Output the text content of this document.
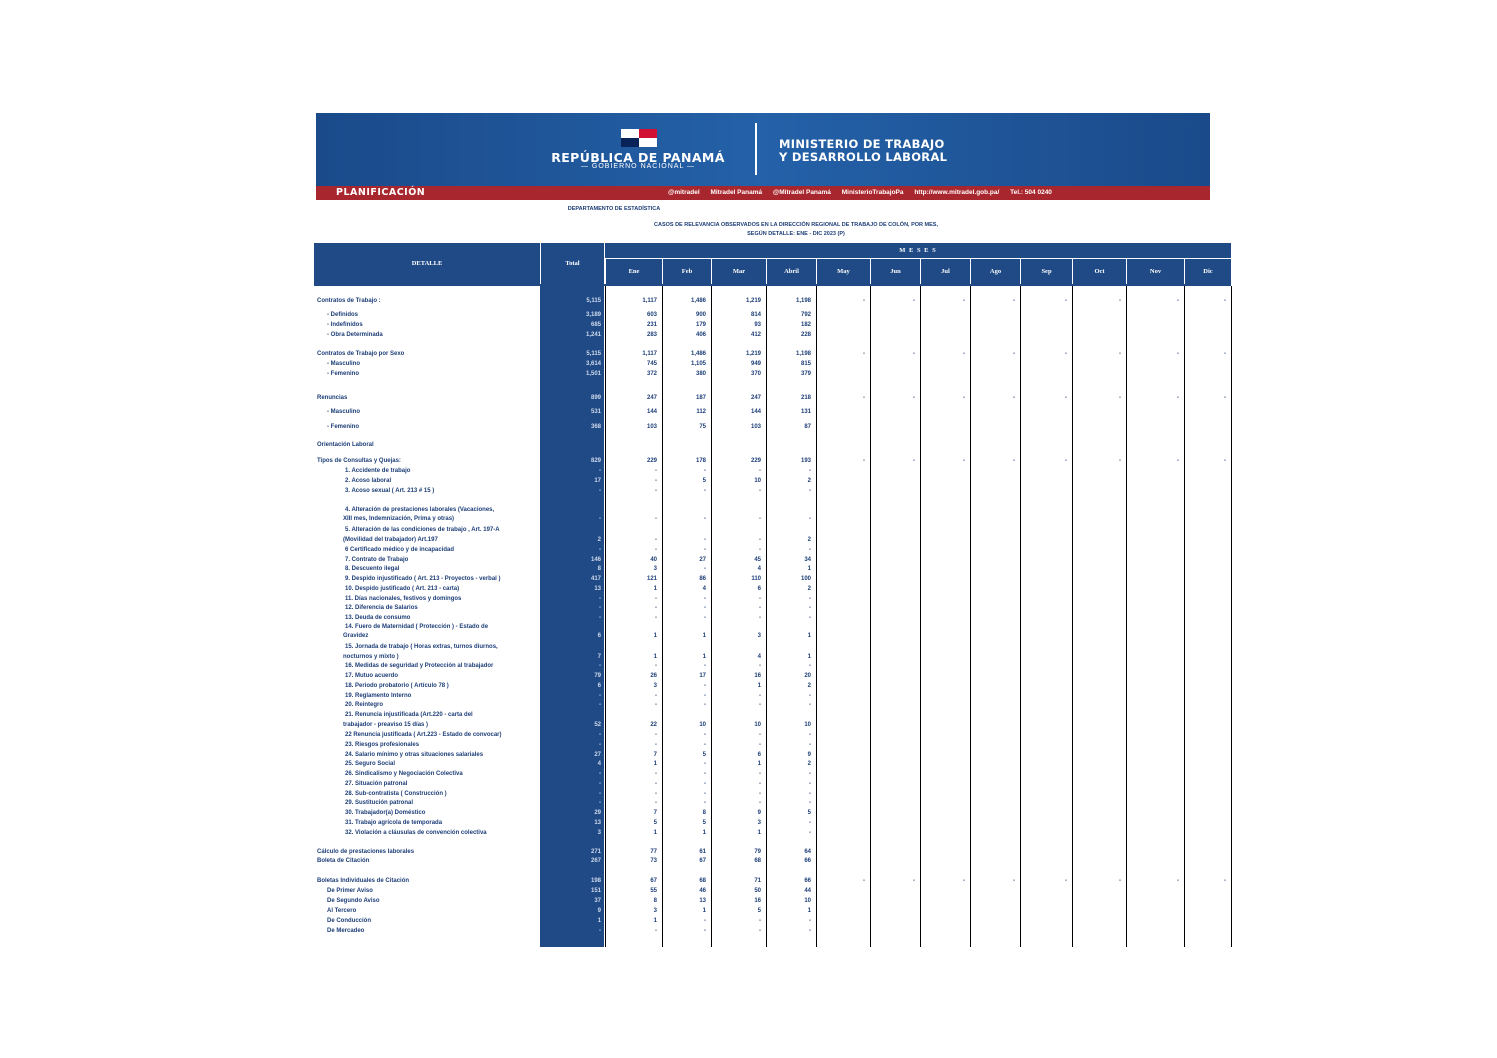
REPÚBLICA DE PANAMÁ
— GOBIERNO NACIONAL —
MINISTERIO DE TRABAJO
Y DESARROLLO LABORAL
PLANIFICACIÓN	@mitradel Mitradel Panamá @Mitradel Panamá MinisterioTrabajoPa http://www.mitradel.gob.pa/ Tel.: 504 0240
DEPARTAMENTO DE ESTADÍSTICA
CASOS DE RELEVANCIA OBSERVADOS EN LA DIRECCIÓN REGIONAL DE TRABAJO DE COLÓN, POR MES,
SEGÚN DETALLE: ENE - DIC 2023 (P)
DETALLE	Total
M E S E S
Ene	Feb	Mar	Abril	May	Jun	Jul	Ago	Sep	Oct	Nov	Dic
Contratos de Trabajo :	5,115	1,117	1,486	1,219	1,198	-	-	-	-	-	-	-	-
- Definidos	3,189	603	900	814	792
- Indefinidos	685	231	179	93	182
- Obra Determinada	1,241	283	406	412	228
Contratos de Trabajo por Sexo	5,115	1,117	1,486	1,219	1,198	-	-	-	-	-	-	-	-
- Masculino	3,614	745	1,105	949	815
- Femenino	1,501	372	380	370	379
Renuncias	899	247	187	247	218	-	-	-	-	-	-	-	-
- Masculino	531	144	112	144	131
- Femenino	368	103	75	103	87
Orientación Laboral
Tipos de Consultas y Quejas:	829	229	178	229	193	-	-	-	-	-	-	-	-
1. Accidente de trabajo	-	-	-	-	-
2. Acoso laboral	17	-	5	10	2
3. Acoso sexual ( Art. 213 # 15 )	-	-	-	-	-
4. Alteración de prestaciones laborales (Vacaciones,
XIII mes, Indemnización, Prima y otras)	-	-	-	-	-
5. Alteración de las condiciones de trabajo , Art. 197-A
(Movilidad del trabajador) Art.197	2	-	-	-	2
6 Certificado médico y de incapacidad	-	-	-	-	-
7. Contrato de Trabajo	146	40	27	45	34
8. Descuento ilegal	8	3	-	4	1
9. Despido injustificado ( Art. 213 - Proyectos - verbal )	417	121	86	110	100
10. Despido justificado ( Art. 213 - carta)	13	1	4	6	2
11. Días nacionales, festivos y domingos	-	-	-	-	-
12. Diferencia de Salarios	-	-	-	-	-
13. Deuda de consumo	-	-	-	-	-
14. Fuero de Maternidad ( Protección ) - Estado de
Gravidez	6	1	1	3	1
15. Jornada de trabajo ( Horas extras, turnos diurnos,
nocturnos y mixto )	7	1	1	4	1
16. Medidas de seguridad y Protección al trabajador	-	-	-	-	-
17. Mutuo acuerdo	79	26	17	16	20
18. Periodo probatorio ( Artículo 78 )	6	3	-	1	2
19. Reglamento Interno	-	-	-	-	-
20. Reintegro	-	-	-	-	-
21. Renuncia injustificada (Art.220 - carta del
trabajador - preaviso 15 días )	52	22	10	10	10
22 Renuncia justificada ( Art.223 - Estado de convocar)	-	-	-	-	-
23. Riesgos profesionales	-	-	-	-	-
24. Salario mínimo y otras situaciones salariales	27	7	5	6	9
25. Seguro Social	4	1	-	1	2
26. Sindicalismo y Negociación Colectiva	-	-	-	-	-
27. Situación patronal	-	-	-	-	-
28. Sub-contratista ( Construcción )	-	-	-	-	-
29. Sustitución patronal	-	-	-	-	-
30. Trabajador(a) Doméstico	29	7	8	9	5
31. Trabajo agrícola de temporada	13	5	5	3	-
32. Violación a cláusulas de convención colectiva	3	1	1	1	-
Cálculo de prestaciones laborales	271	77	61	79	64
Boleta de Citación	267	73	67	68	66
Boletas Individuales de Citación	198	67	68	71	66	-	-	-	-	-	-	-	-
De Primer Aviso	151	55	46	50	44
De Segundo Aviso	37	8	13	16	10
Al Tercero	9	3	1	5	1
De Conducción	1	1	-	-	-
De Mercadeo	-	-	-	-	-
